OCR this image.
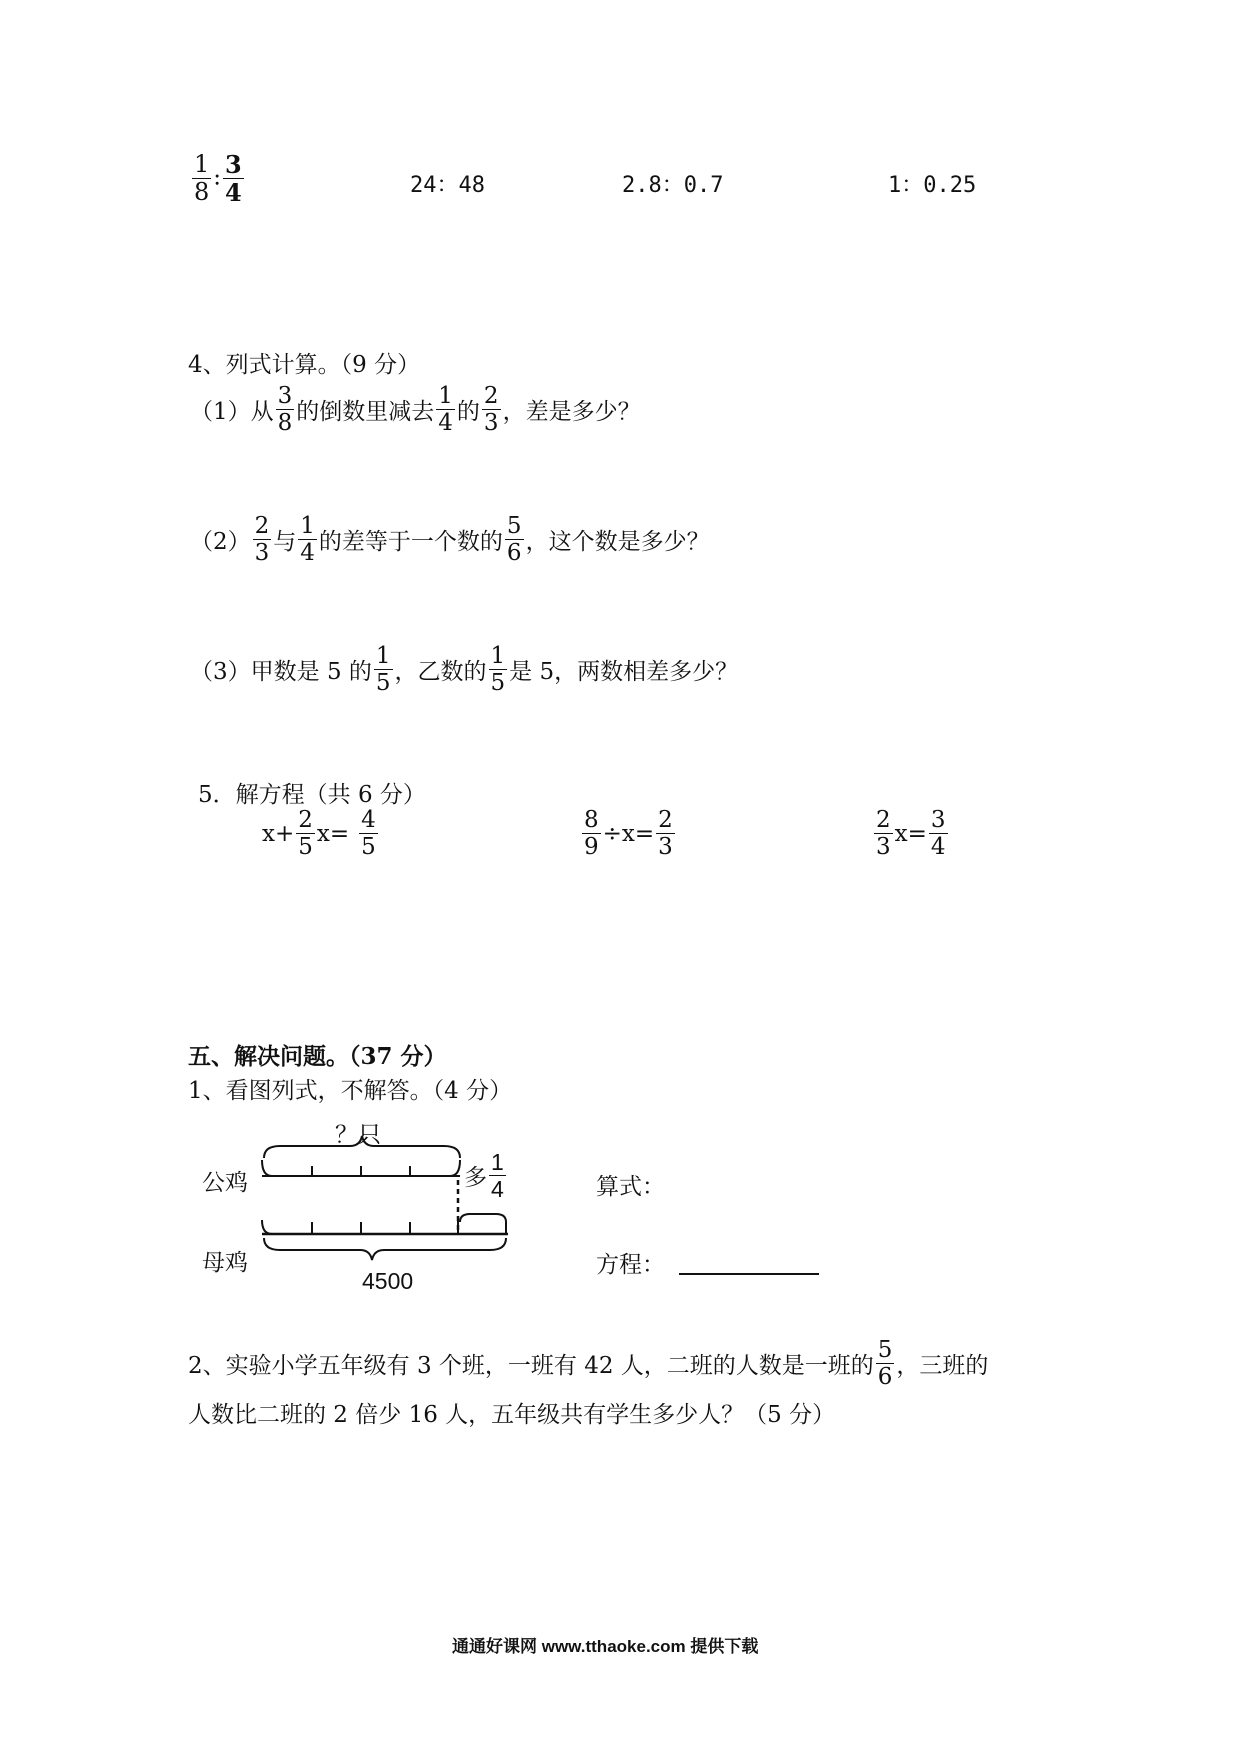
$\frac{1}{8}$ : $\frac{3}{4}$	24：48	2.8：0.7	1：0.25
4、列式计算。（9 分）
（1）从 $\frac{3}{8}$ 的倒数里减去 $\frac{1}{4}$ 的 $\frac{2}{3}$ ，差是多少？
$(2) \frac{2}{3}$ 与 $\frac{1}{4}$ 的差等于一个数的 $\frac{5}{6}$ ，这个数是多少？
（3）甲数是 5 的 $\frac{1}{5}$ ，乙数的 $\frac{1}{5}$ 是 5，两数相差多少？
5．解方程（共 6 分）
$x+ \frac{2}{5} x= \frac{4}{5}$	$\frac{8}{9} \div x= \frac{2}{3}$	$\frac{2}{3} x= \frac{3}{4}$
五、解决问题。（37 分）
1、看图列式，不解答。（4 分）
？只
公鸡	多 $\frac{1}{4}$
母鸡
4500
算式：
方程：
2、实验小学五年级有 3 个班，一班有 42 人，二班的人数是一班的 $\frac{5}{6}$ ，三班的
人数比二班的 2 倍少 16 人，五年级共有学生多少人？（5 分）
通通好课网 www.tthaoke.com 提供下载
